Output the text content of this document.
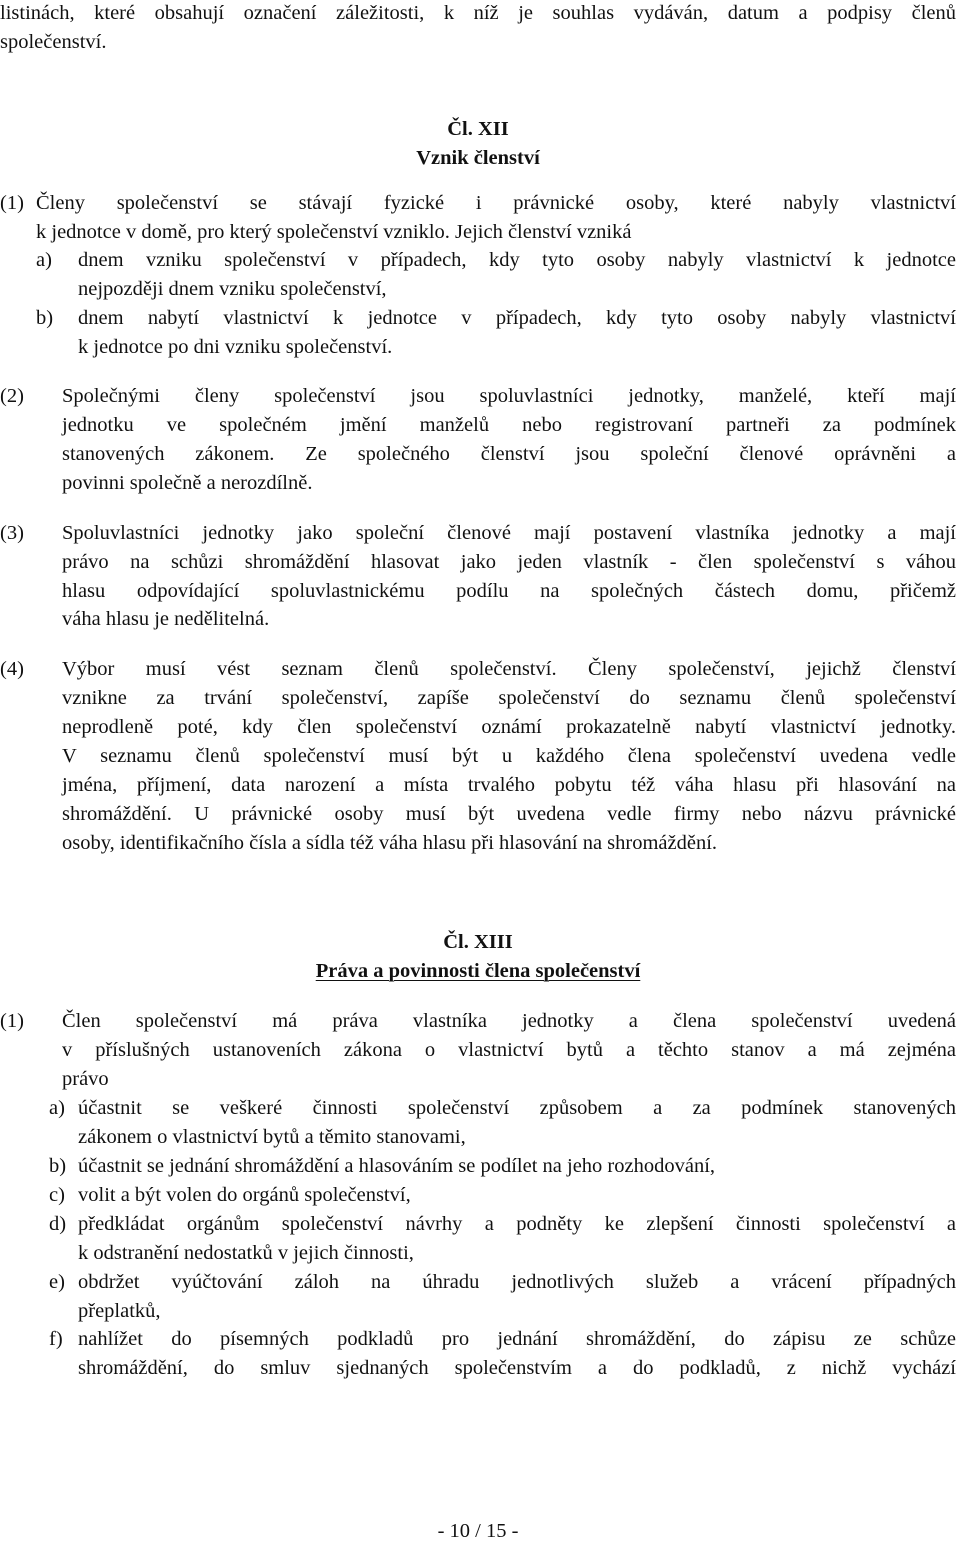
listinách, které obsahují označení záležitosti, k níž je souhlas vydáván, datum a podpisy členů
společenství.
Čl. XII
Vznik členství
(1) Členy společenství se stávají fyzické i právnické osoby, které nabyly vlastnictví
k jednotce v domě, pro který společenství vzniklo. Jejich členství vzniká
a) dnem vzniku společenství v případech, kdy tyto osoby nabyly vlastnictví k jednotce
nejpozději dnem vzniku společenství,
b) dnem nabytí vlastnictví k jednotce v případech, kdy tyto osoby nabyly vlastnictví
k jednotce po dni vzniku společenství.
(2) Společnými členy společenství jsou spoluvlastníci jednotky, manželé, kteří mají
jednotku ve společném jmění manželů nebo registrovaní partneři za podmínek
stanovených zákonem. Ze společného členství jsou společní členové oprávněni a
povinni společně a nerozdílně.
(3) Spoluvlastníci jednotky jako společní členové mají postavení vlastníka jednotky a mají
právo na schůzi shromáždění hlasovat jako jeden vlastník - člen společenství s váhou
hlasu odpovídající spoluvlastnickému podílu na společných částech domu, přičemž
váha hlasu je nedělitelná.
(4) Výbor musí vést seznam členů společenství. Členy společenství, jejichž členství
vznikne za trvání společenství, zapíše společenství do seznamu členů společenství
neprodleně poté, kdy člen společenství oznámí prokazatelně nabytí vlastnictví jednotky.
V seznamu členů společenství musí být u každého člena společenství uvedena vedle
jména, příjmení, data narození a místa trvalého pobytu též váha hlasu při hlasování na
shromáždění. U právnické osoby musí být uvedena vedle firmy nebo názvu právnické
osoby, identifikačního čísla a sídla též váha hlasu při hlasování na shromáždění.
Čl. XIII
Práva a povinnosti člena společenství
(1) Člen společenství má práva vlastníka jednotky a člena společenství uvedená
v příslušných ustanoveních zákona o vlastnictví bytů a těchto stanov a má zejména
právo
a) účastnit se veškeré činnosti společenství způsobem a za podmínek stanovených
zákonem o vlastnictví bytů a těmito stanovami,
b) účastnit se jednání shromáždění a hlasováním se podílet na jeho rozhodování,
c) volit a být volen do orgánů společenství,
d) předkládat orgánům společenství návrhy a podněty ke zlepšení činnosti společenství a
k odstranění nedostatků v jejich činnosti,
e) obdržet vyúčtování záloh na úhradu jednotlivých služeb a vrácení případných
přeplatků,
f) nahlížet do písemných podkladů pro jednání shromáždění, do zápisu ze schůze
shromáždění, do smluv sjednaných společenstvím a do podkladů, z nichž vychází
- 10 / 15 -
